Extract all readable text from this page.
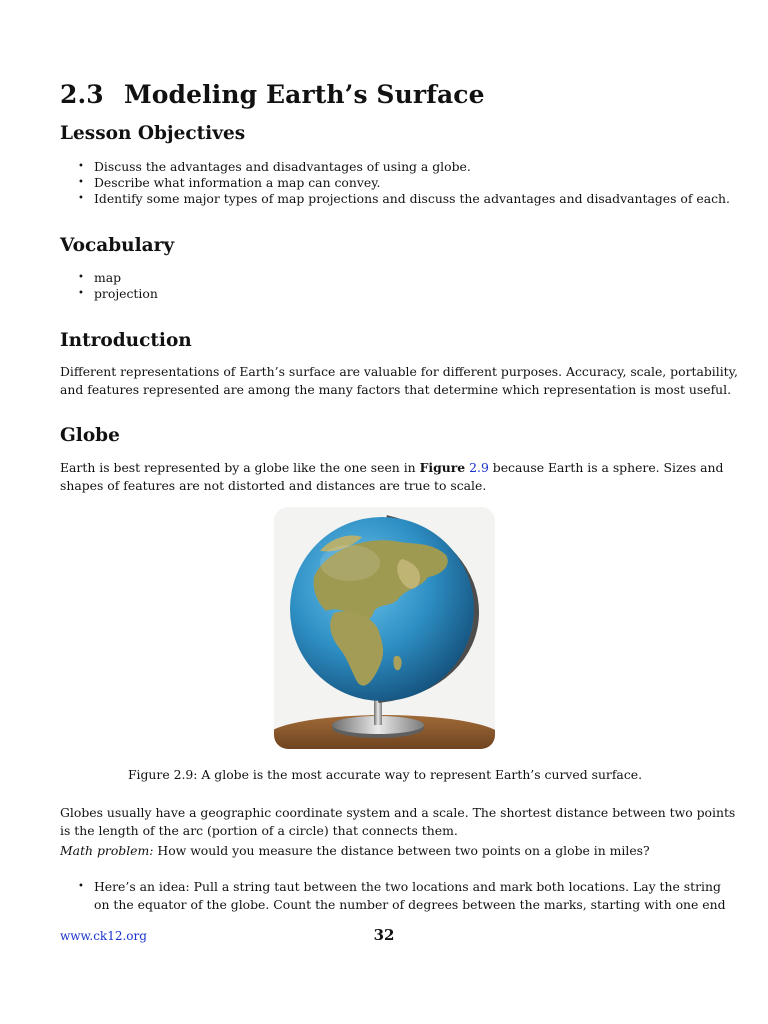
2.3 Modeling Earth’s Surface
Lesson Objectives
• Discuss the advantages and disadvantages of using a globe.
• Describe what information a map can convey.
• Identify some major types of map projections and discuss the advantages and disadvantages of each.
Vocabulary
• map
• projection
Introduction

Different representations of Earth’s surface are valuable for different purposes. Accuracy, scale, portability,
and features represented are among the many factors that determine which representation is most useful.

Globe

Earth is best represented by a globe like the one seen in Figure 2.9 because Earth is a sphere. Sizes and
shapes of features are not distorted and distances are true to scale.

Figure 2.9: A globe is the most accurate way to represent Earth’s curved surface.

Globes usually have a geographic coordinate system and a scale. The shortest distance between two points
is the length of the arc (portion of a circle) that connects them.

Math problem: How would you measure the distance between two points on a globe in miles?

• Here’s an idea: Pull a string taut between the two locations and mark both locations. Lay the string
on the equator of the globe. Count the number of degrees between the marks, starting with one end
www.ck12.org	32
